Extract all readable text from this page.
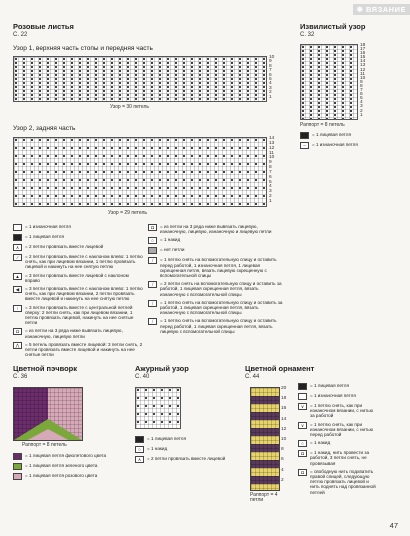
❋ ВЯЗАНИЕ
Розовые листья
С. 22
Узор 1, верхняя часть стопы и передняя часть
10
9
8
7
6
5
4
3
2
1
Узор = 30 петель
Узор 2, задняя часть
14
13
12
11
10
9
8
7
6
5
4
3
2
1
Узор = 29 петель
Извилистый узор
С. 32
18
17
16
15
14
13
12
11
10
9
8
7
6
5
4
3
2
1
Раппорт = 8 петель
= 1 лицевая петля
–	= 1 изнаночная петля
= 1 изнаночная петля
= 1 лицевая петля
∧	= 2 петли провязать вместе лицевой
⁄	= 2 петли провязать вместе с наклоном влево: 1 петлю снять, как при лицевом вязании, 1 петлю провязать лицевой и накинуть на нее снятую петлю
▲	= 3 петли провязать вместе лицевой с наклоном вправо
◀	= 3 петли провязать вместе с наклоном влево: 1 петлю снять, как при лицевом вязании, 2 петли провязать вместе лицевой и накинуть на нее снятую петлю
↑	= 3 петли провязать вместе с центральной петлей сверху: 2 петли снять, как при лицевом вязании, 1 петлю провязать лицевой, накинуть на нее снятые петли
Ω	= из петли на 3 ряда ниже вывязать лицевую, изнаночную, лицевую петли
⋀	= 5 петель провязать вместе лицевой: 3 петли снять, 2 петли провязать вместе лицевой и накинуть на нее снятые петли
Ω	= из петли на 3 ряда ниже вывязать лицевую, изнаночную, лицевую, изнаночную и лицевую петли
○	= 1 накид
= нет петли
⧸	= 1 петлю снять на вспомогательную спицу и оставить перед работой, 1 изнаночная петля, 1 лицевая скрещенная петля, вязать лицевую скрещенную с вспомогательной спицы
⧸	= 2 петли снять на вспомогательную спицу и оставить за работой, 1 лицевая скрещенная петля, вязать изнаночную с вспомогательной спицы
⧸	= 1 петлю снять на вспомогательную спицу и оставить за работой, 1 лицевая скрещенная петля, вязать изнаночную с вспомогательной спицы
⧸	= 1 петлю снять на вспомогательную спицу и оставить перед работой, 1 лицевая скрещенная петля, вязать лицевую с вспомогательной спицы
Цветной пэчворк
С. 36
Раппорт = 8 петель
= 1 лицевая петля фиолетового цвета
= 1 лицевая петля зеленого цвета
= 1 лицевая петля розового цвета
Ажурный узор
С. 40
= 1 лицевая петля
○	= 1 накид
∧	= 2 петли провязать вместе лицевой
Цветной орнамент
С. 44
20
18
16
14
12
10
8
6
4
2
Раппорт = 4 петли
= 1 лицевая петля
= 1 изнаночная петля
∨	= 1 петлю снять, как при изнаночном вязании, с нитью за работой
∨	= 1 петлю снять, как при изнаночном вязании, с нитью перед работой
○	= 1 накид
Ω	= 1 накид, нить провести за работой, 3 петли снять, не провязывая
Ω	= свободную нить подхватить правой спицей, следующую петлю провязать лицевой и нить поднять над провязанной петлей
47
